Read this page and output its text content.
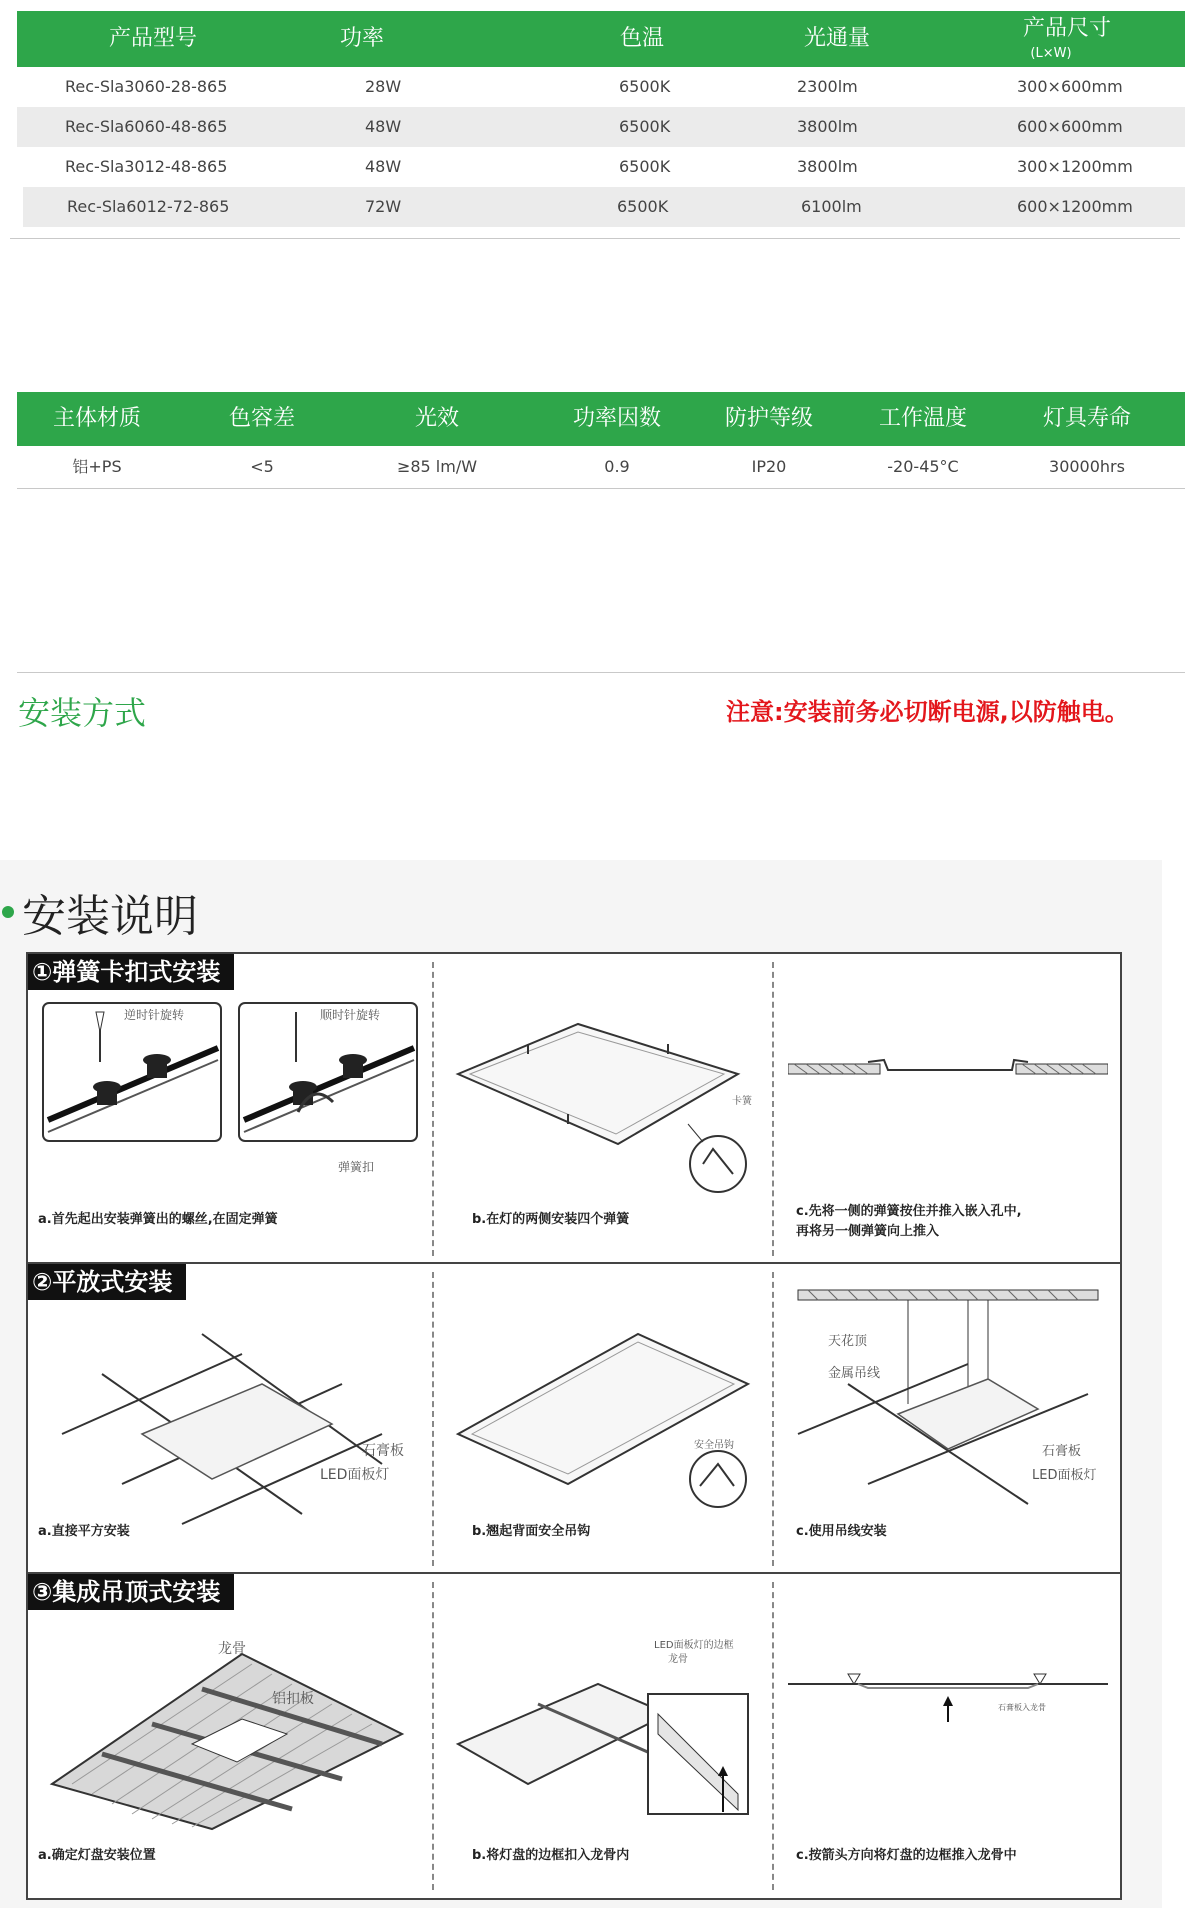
产品型号	功率	色温	光通量	产品尺寸
(L×W)
Rec-Sla3060-28-865	28W	6500K	2300lm	300×600mm
Rec-Sla6060-48-865	48W	6500K	3800lm	600×600mm
Rec-Sla3012-48-865	48W	6500K	3800lm	300×1200mm
Rec-Sla6012-72-865	72W	6500K	6100lm	600×1200mm
主体材质	色容差	光效	功率因数	防护等级	工作温度	灯具寿命
铝+PS	<5	≥85 lm/W	0.9	IP20	-20-45°C	30000hrs
安装方式	注意:安装前务必切断电源,以防触电。
安装说明
①弹簧卡扣式安装
逆时针旋转	顺时针旋转
弹簧扣
a.首先起出安装弹簧出的螺丝,在固定弹簧
卡簧
b.在灯的两侧安装四个弹簧
c.先将一侧的弹簧按住并推入嵌入孔中,
再将另一侧弹簧向上推入
②平放式安装
石膏板
LED面板灯
a.直接平方安装
安全吊钩
b.翘起背面安全吊钩
天花顶
金属吊线
石膏板
LED面板灯
c.使用吊线安装
③集成吊顶式安装
龙骨
铝扣板
a.确定灯盘安装位置
LED面板灯的边框
龙骨
b.将灯盘的边框扣入龙骨内
石膏板入龙骨
c.按箭头方向将灯盘的边框推入龙骨中
